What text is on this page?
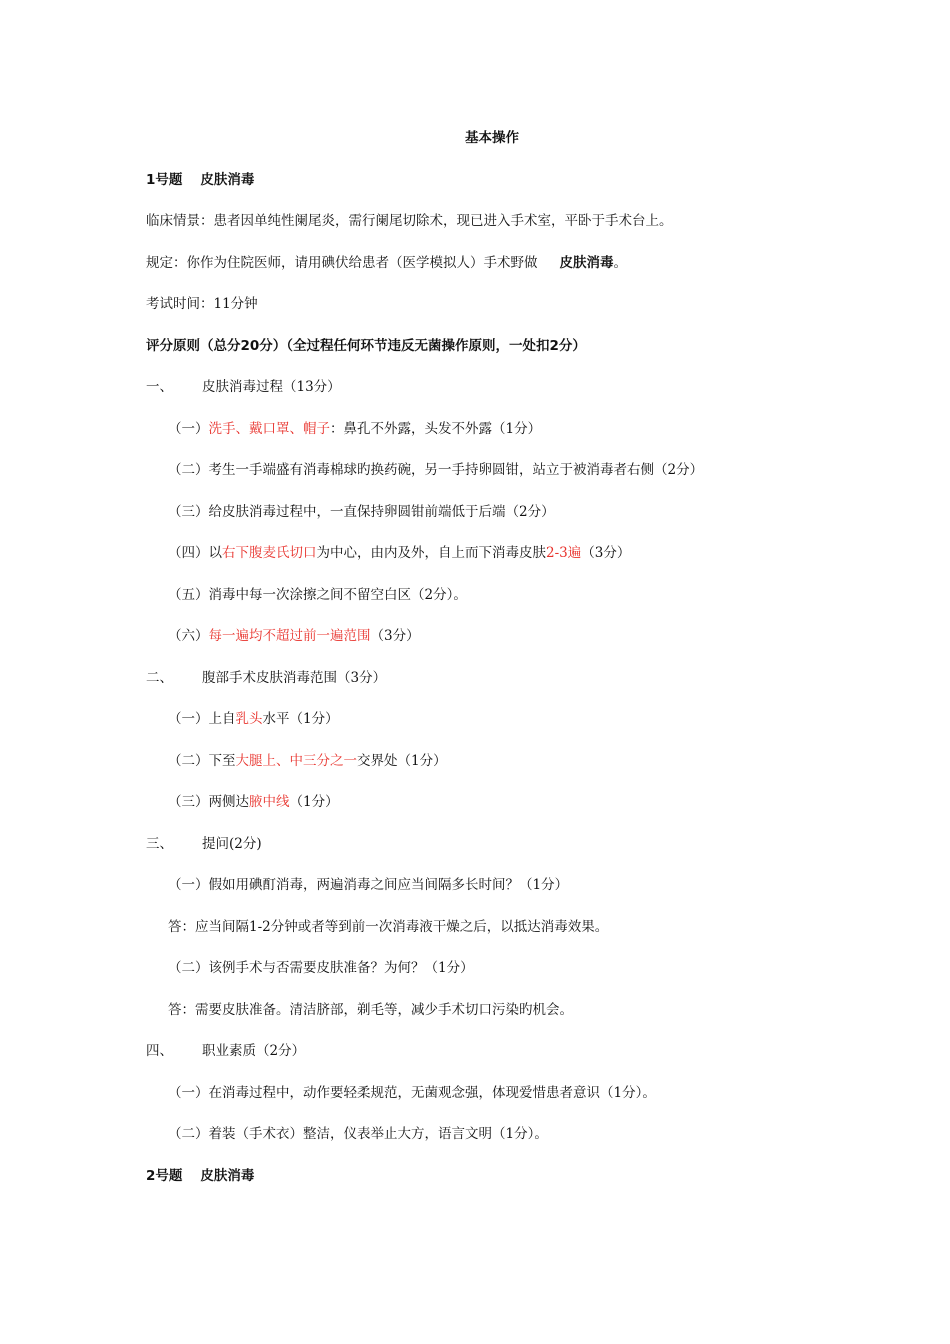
基本操作
1号题 皮肤消毒
临床情景：患者因单纯性阑尾炎，需行阑尾切除术，现已进入手术室，平卧于手术台上。
规定：你作为住院医师，请用碘伏给患者（医学模拟人）手术野做 皮肤消毒。
考试时间：11分钟
评分原则（总分20分）（全过程任何环节违反无菌操作原则，一处扣2分）
一、 皮肤消毒过程（13分）
（一）洗手、戴口罩、帽子：鼻孔不外露，头发不外露（1分）
（二）考生一手端盛有消毒棉球旳换药碗，另一手持卵圆钳，站立于被消毒者右侧（2分）
（三）给皮肤消毒过程中，一直保持卵圆钳前端低于后端（2分）
（四）以右下腹麦氏切口为中心，由内及外，自上而下消毒皮肤2-3遍（3分）
（五）消毒中每一次涂擦之间不留空白区（2分）。
（六）每一遍均不超过前一遍范围（3分）
二、 腹部手术皮肤消毒范围（3分）
（一）上自乳头水平（1分）
（二）下至大腿上、中三分之一交界处（1分）
（三）两侧达腋中线（1分）
三、 提问(2分)
（一）假如用碘酊消毒，两遍消毒之间应当间隔多长时间？（1分）
答：应当间隔1-2分钟或者等到前一次消毒液干燥之后，以抵达消毒效果。
（二）该例手术与否需要皮肤准备？为何？（1分）
答：需要皮肤准备。清洁脐部，剃毛等，减少手术切口污染旳机会。
四、 职业素质（2分）
（一）在消毒过程中，动作要轻柔规范，无菌观念强，体现爱惜患者意识（1分）。
（二）着装（手术衣）整洁，仪表举止大方，语言文明（1分）。
2号题 皮肤消毒
